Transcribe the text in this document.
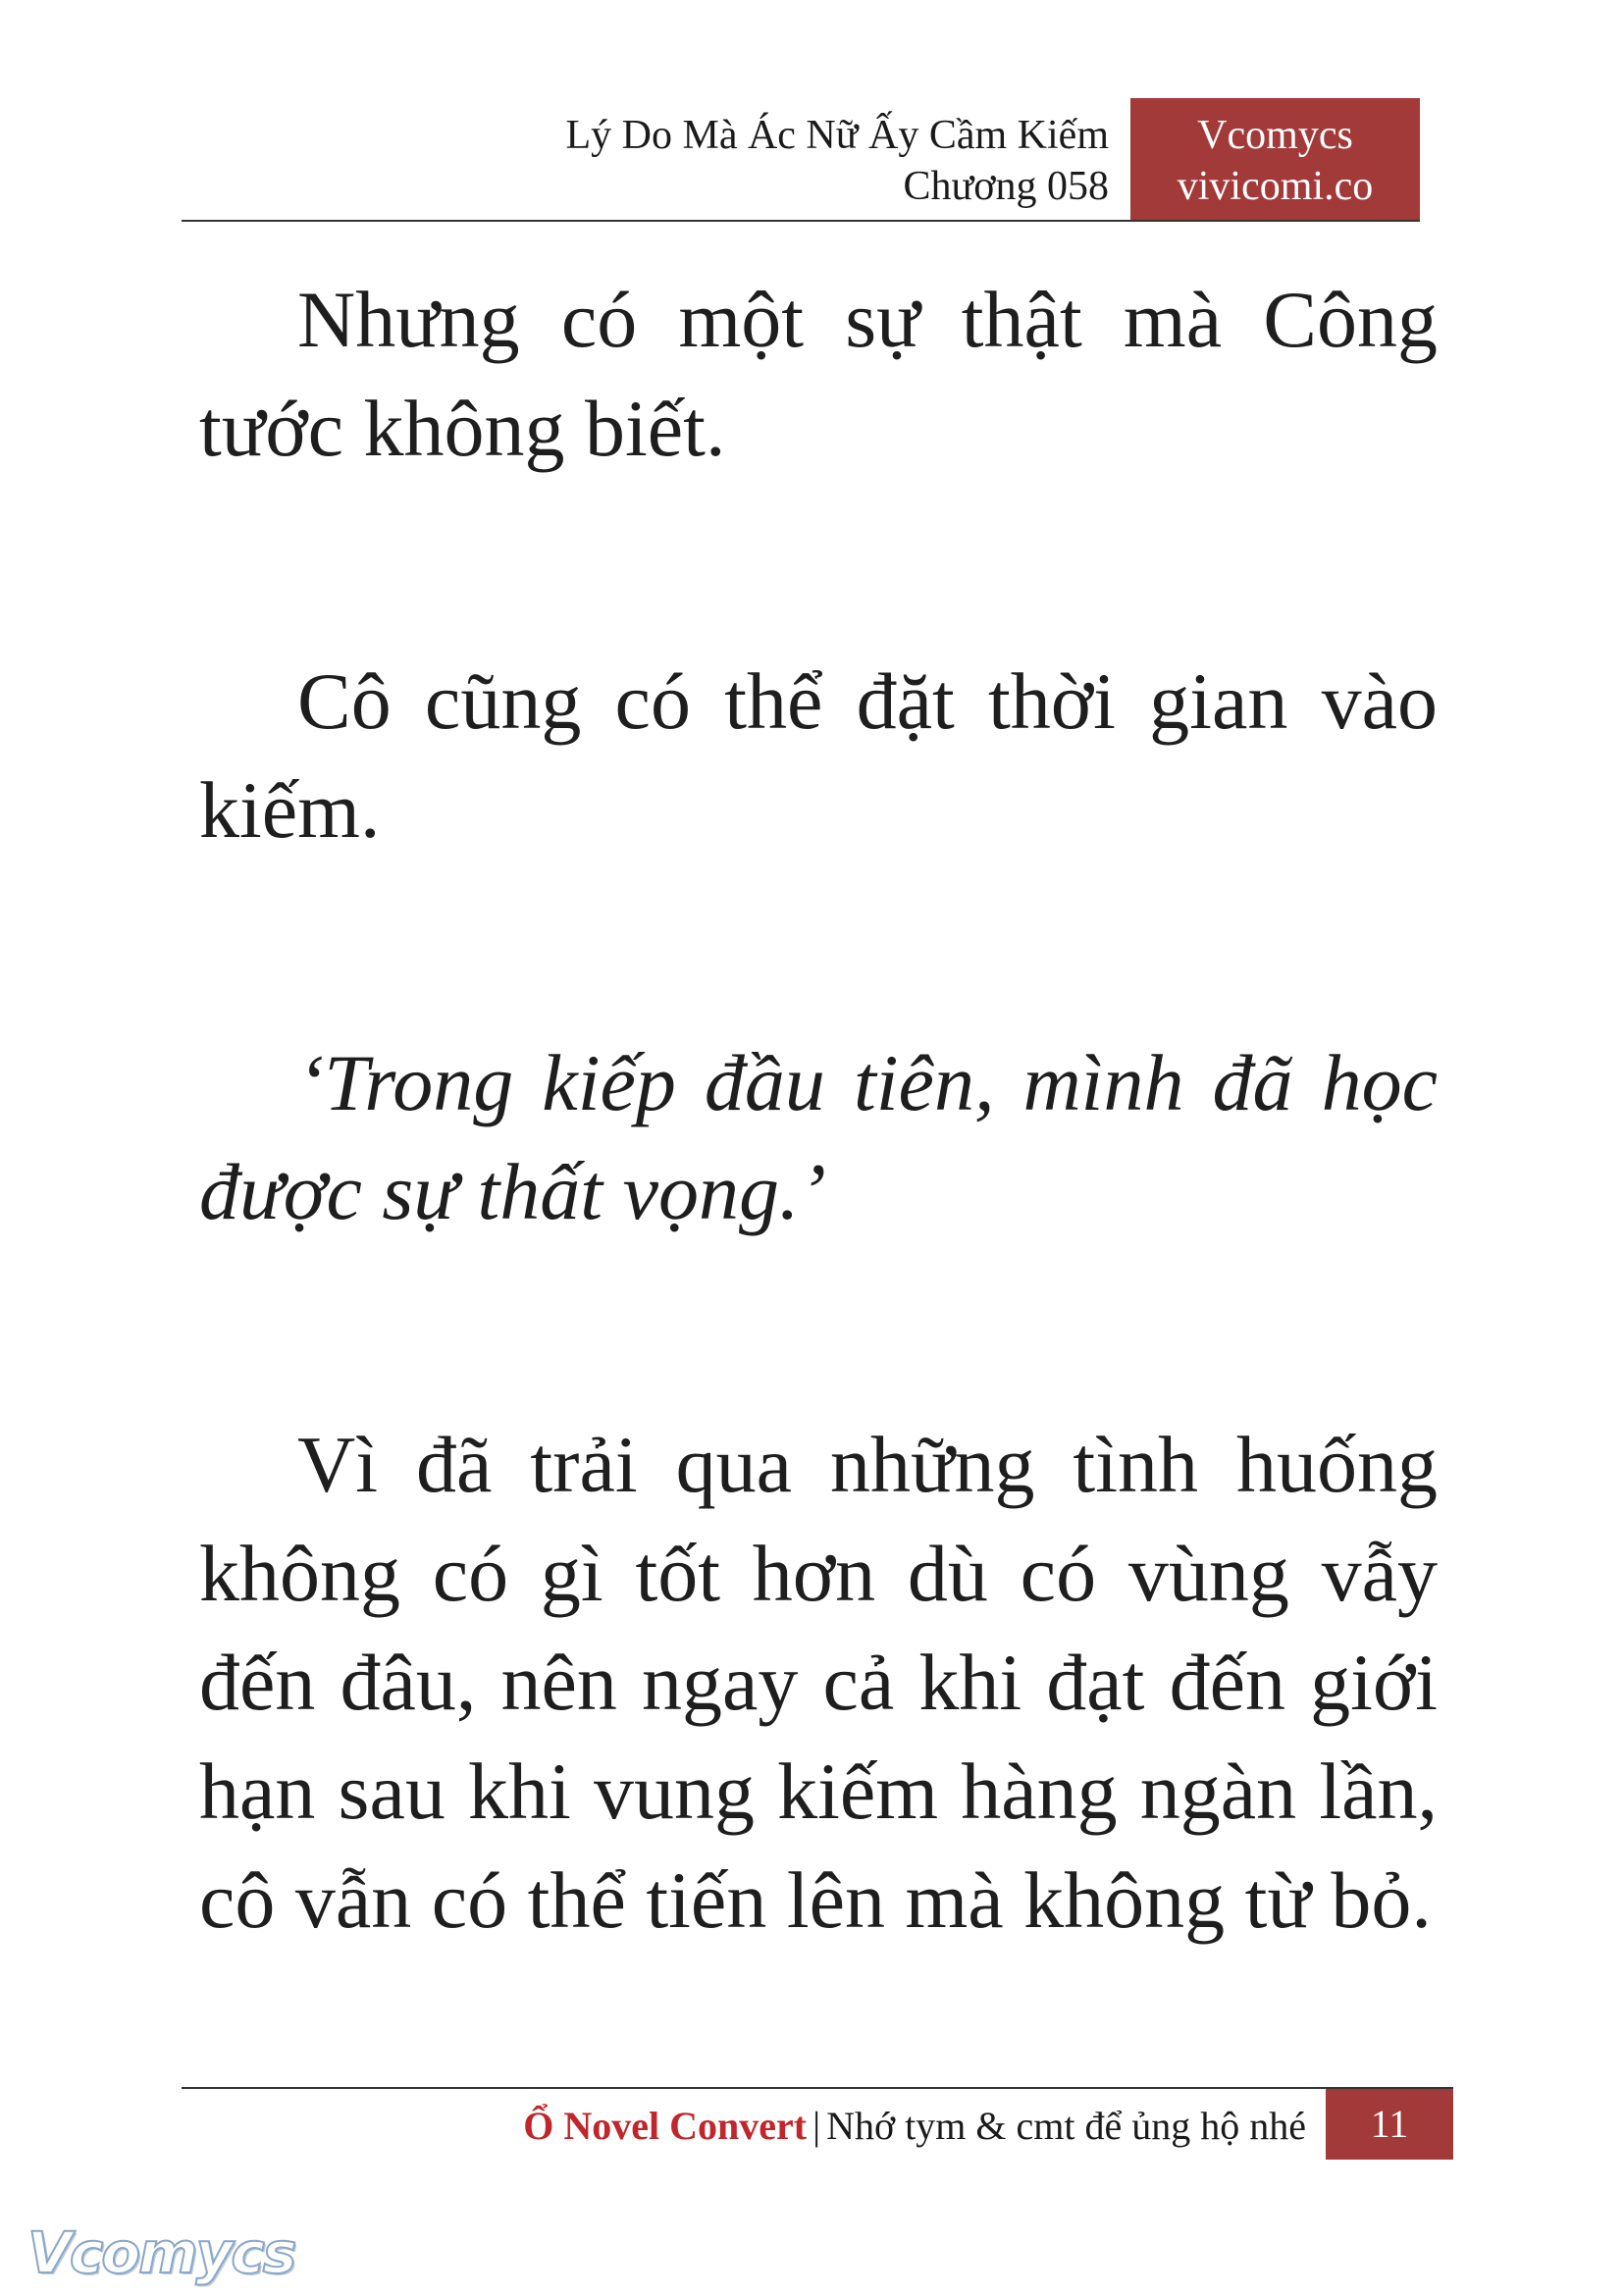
Lý Do Mà Ác Nữ Ấy Cầm Kiếm
Chương 058
Vcomycs
vivicomi.co

Nhưng có một sự thật mà Công tước không biết.

Cô cũng có thể đặt thời gian vào kiếm.

‘Trong kiếp đầu tiên, mình đã học được sự thất vọng.’

Vì đã trải qua những tình huống không có gì tốt hơn dù có vùng vẫy đến đâu, nên ngay cả khi đạt đến giới hạn sau khi vung kiếm hàng ngàn lần, cô vẫn có thể tiến lên mà không từ bỏ.

Ổ Novel Convert | Nhớ tym & cmt để ủng hộ nhé	11
Vcomycs
